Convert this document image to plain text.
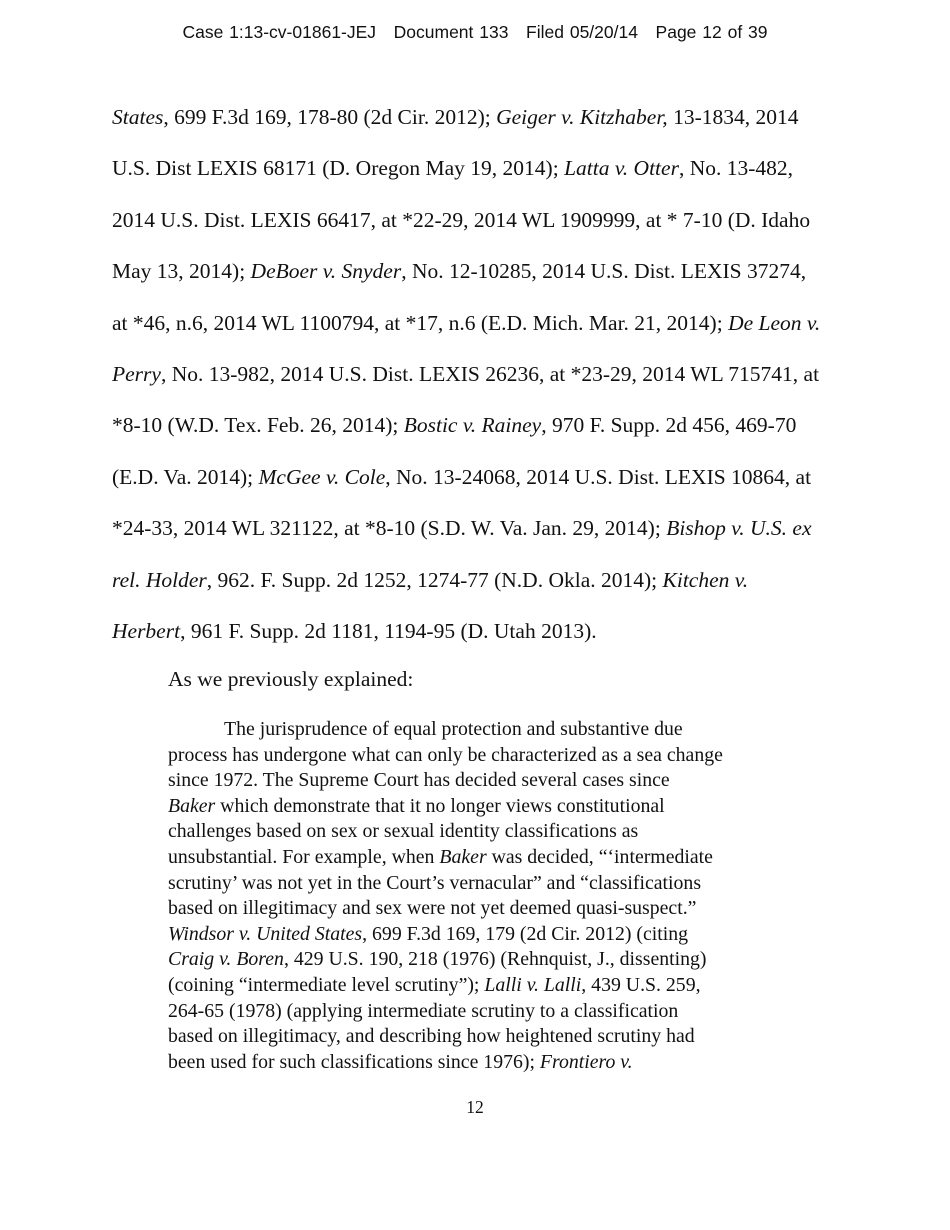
Case 1:13-cv-01861-JEJ   Document 133   Filed 05/20/14   Page 12 of 39
States, 699 F.3d 169, 178-80 (2d Cir. 2012); Geiger v. Kitzhaber, 13-1834, 2014
U.S. Dist LEXIS 68171 (D. Oregon May 19, 2014); Latta v. Otter, No. 13-482,
2014 U.S. Dist. LEXIS 66417, at *22-29, 2014 WL 1909999, at * 7-10 (D. Idaho
May 13, 2014); DeBoer v. Snyder, No. 12-10285, 2014 U.S. Dist. LEXIS 37274,
at *46, n.6, 2014 WL 1100794, at *17, n.6 (E.D. Mich. Mar. 21, 2014); De Leon v.
Perry, No. 13-982, 2014 U.S. Dist. LEXIS 26236, at *23-29, 2014 WL 715741, at
*8-10 (W.D. Tex. Feb. 26, 2014); Bostic v. Rainey, 970 F. Supp. 2d 456, 469-70
(E.D. Va. 2014); McGee v. Cole, No. 13-24068, 2014 U.S. Dist. LEXIS 10864, at
*24-33, 2014 WL 321122, at *8-10 (S.D. W. Va. Jan. 29, 2014); Bishop v. U.S. ex
rel. Holder, 962. F. Supp. 2d 1252, 1274-77 (N.D. Okla. 2014); Kitchen v.
Herbert, 961 F. Supp. 2d 1181, 1194-95 (D. Utah 2013).
As we previously explained:
The jurisprudence of equal protection and substantive due
process has undergone what can only be characterized as a sea change
since 1972. The Supreme Court has decided several cases since
Baker which demonstrate that it no longer views constitutional
challenges based on sex or sexual identity classifications as
unsubstantial. For example, when Baker was decided, “‘intermediate
scrutiny’ was not yet in the Court’s vernacular” and “classifications
based on illegitimacy and sex were not yet deemed quasi-suspect.”
Windsor v. United States, 699 F.3d 169, 179 (2d Cir. 2012) (citing
Craig v. Boren, 429 U.S. 190, 218 (1976) (Rehnquist, J., dissenting)
(coining “intermediate level scrutiny”); Lalli v. Lalli, 439 U.S. 259,
264-65 (1978) (applying intermediate scrutiny to a classification
based on illegitimacy, and describing how heightened scrutiny had
been used for such classifications since 1976); Frontiero v.
12
